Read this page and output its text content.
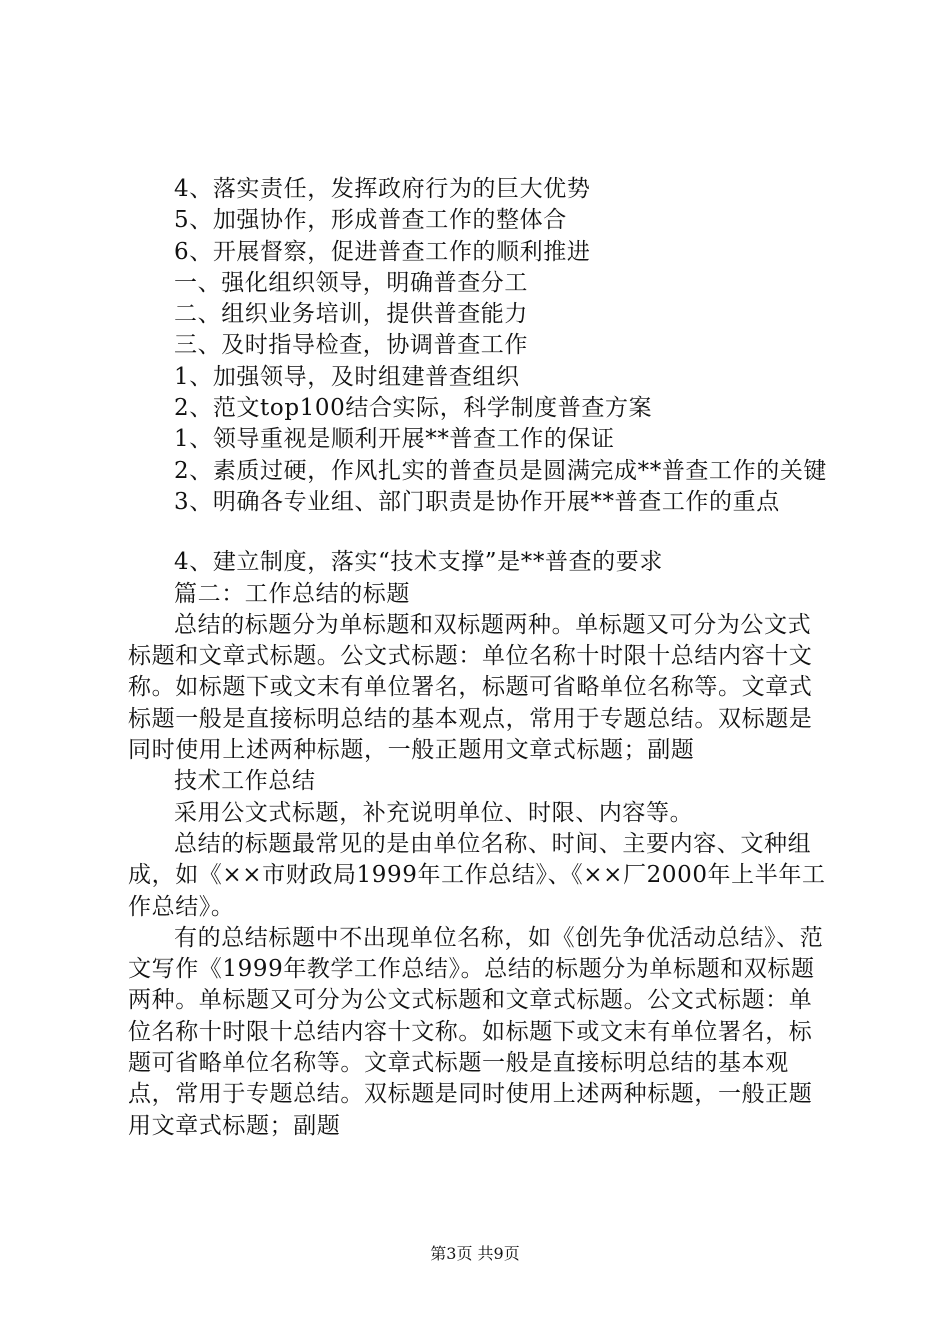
4、落实责任，发挥政府行为的巨大优势

5、加强协作，形成普查工作的整体合

6、开展督察，促进普查工作的顺利推进

一、强化组织领导，明确普查分工

二、组织业务培训，提供普查能力

三、及时指导检查，协调普查工作

1、加强领导，及时组建普查组织

2、范文top100结合实际，科学制度普查方案

1、领导重视是顺利开展**普查工作的保证

2、素质过硬，作风扎实的普查员是圆满完成**普查工作的关键

3、明确各专业组、部门职责是协作开展**普查工作的重点

4、建立制度，落实“技术支撑”是**普查的要求

篇二：工作总结的标题

总结的标题分为单标题和双标题两种。单标题又可分为公文式标题和文章式标题。公文式标题：单位名称十时限十总结内容十文称。如标题下或文末有单位署名，标题可省略单位名称等。文章式标题一般是直接标明总结的基本观点，常用于专题总结。双标题是同时使用上述两种标题，一般正题用文章式标题；副题

技术工作总结

采用公文式标题，补充说明单位、时限、内容等。

总结的标题最常见的是由单位名称、时间、主要内容、文种组成，如《××市财政局1999年工作总结》、《××厂2000年上半年工作总结》。

有的总结标题中不出现单位名称，如《创先争优活动总结》、范文写作《1999年教学工作总结》。总结的标题分为单标题和双标题两种。单标题又可分为公文式标题和文章式标题。公文式标题：单位名称十时限十总结内容十文称。如标题下或文末有单位署名，标题可省略单位名称等。文章式标题一般是直接标明总结的基本观点，常用于专题总结。双标题是同时使用上述两种标题，一般正题用文章式标题；副题

第3页 共9页
